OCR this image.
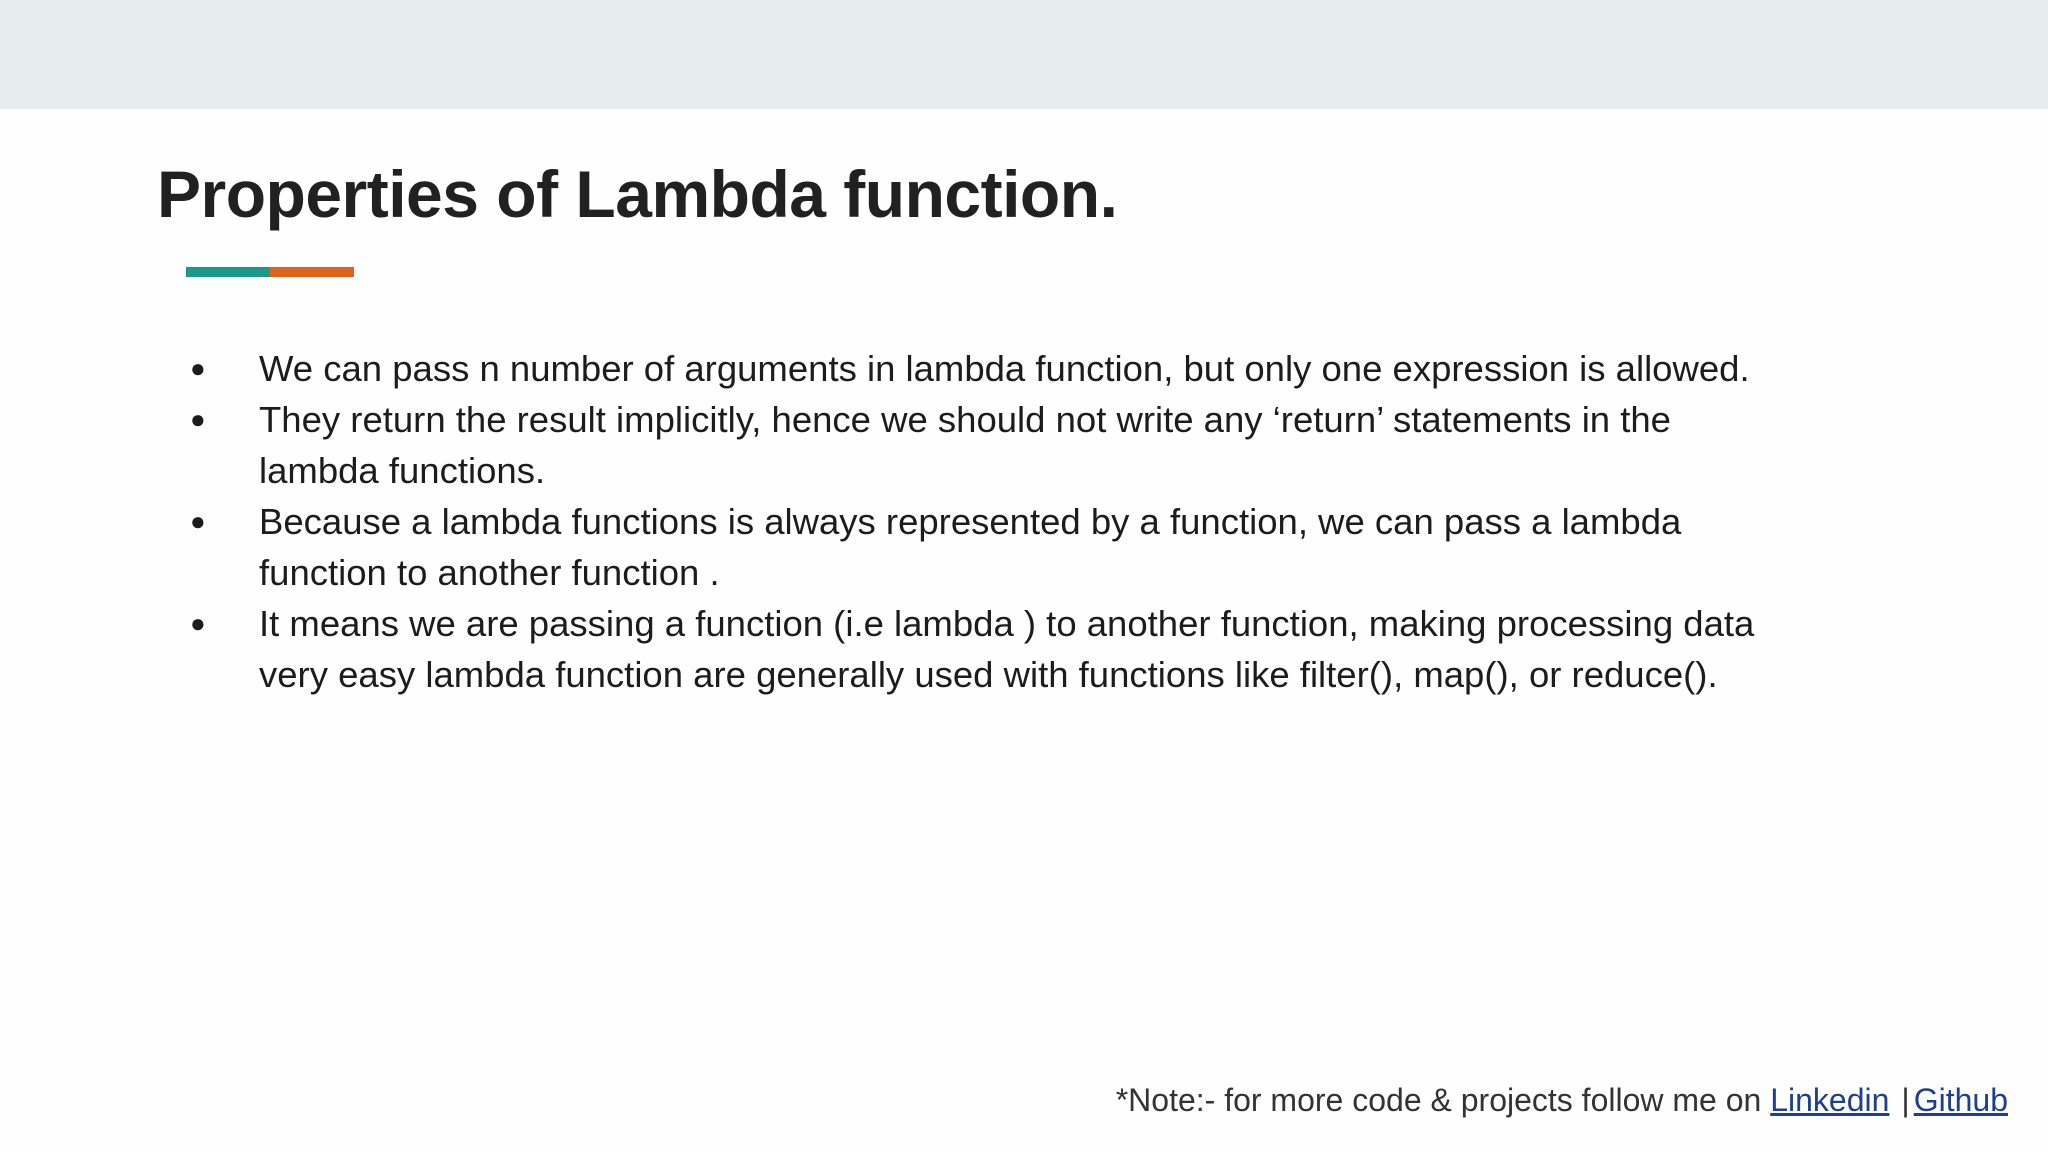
Properties of Lambda function.
● We can pass n number of arguments in lambda function, but only one expression is allowed.
● They return the result implicitly, hence we should not write any ‘return’ statements in the lambda functions.
● Because a lambda functions is always represented by a function, we can pass a lambda function to another function .
● It means we are passing a function (i.e lambda ) to another function, making processing data very easy lambda function are generally used with functions like filter(), map(), or reduce().
*Note:- for more code & projects follow me on Linkedin | Github
